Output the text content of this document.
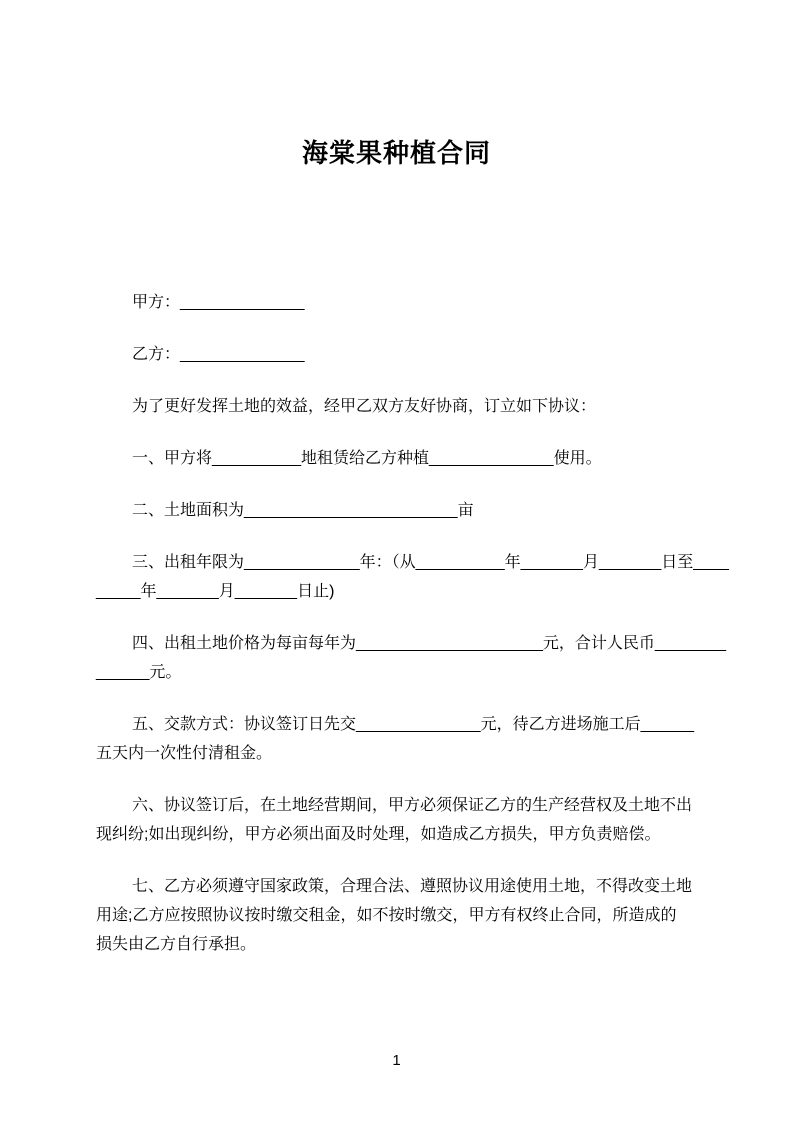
海棠果种植合同
甲方：______________
乙方：______________
为了更好发挥土地的效益，经甲乙双方友好协商，订立如下协议：
一、甲方将__________地租赁给乙方种植______________使用。
二、土地面积为________________________亩
三、出租年限为_____________年：（从__________年_______月_______日至____
_____年_______月_______日止)
四、出租土地价格为每亩每年为_____________________元，合计人民币________
______元。
五、交款方式：协议签订日先交______________元，待乙方进场施工后______
五天内一次性付清租金。
六、协议签订后，在土地经营期间，甲方必须保证乙方的生产经营权及土地不出
现纠纷;如出现纠纷，甲方必须出面及时处理，如造成乙方损失，甲方负责赔偿。
七、乙方必须遵守国家政策，合理合法、遵照协议用途使用土地，不得改变土地
用途;乙方应按照协议按时缴交租金，如不按时缴交，甲方有权终止合同，所造成的
损失由乙方自行承担。
1
